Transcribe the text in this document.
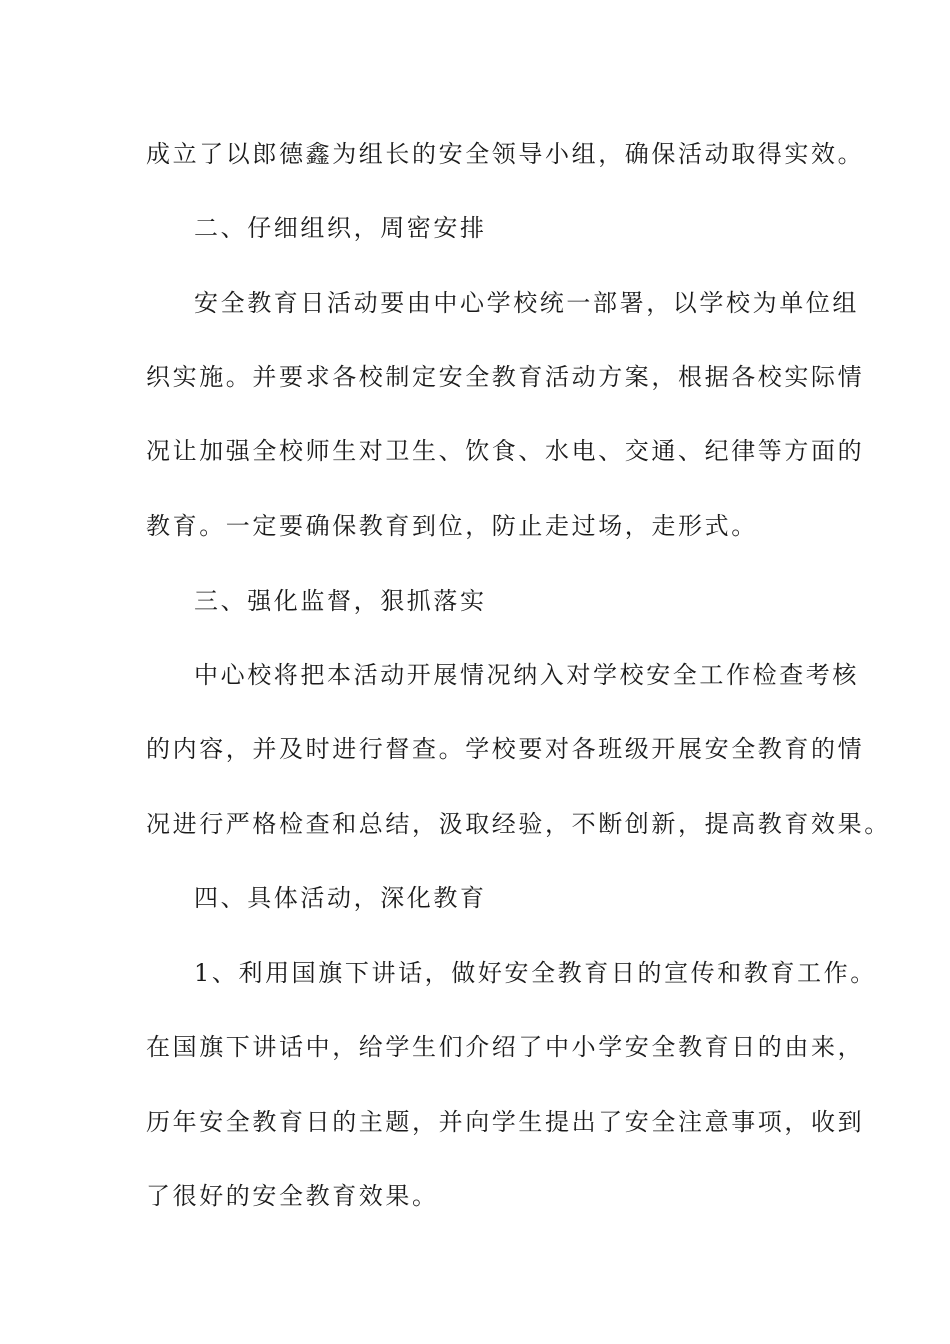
成立了以郎德鑫为组长的安全领导小组，确保活动取得实效。
二、仔细组织，周密安排
安全教育日活动要由中心学校统一部署，以学校为单位组
织实施。并要求各校制定安全教育活动方案，根据各校实际情
况让加强全校师生对卫生、饮食、水电、交通、纪律等方面的
教育。一定要确保教育到位，防止走过场，走形式。
三、强化监督，狠抓落实
中心校将把本活动开展情况纳入对学校安全工作检查考核
的内容，并及时进行督查。学校要对各班级开展安全教育的情
况进行严格检查和总结，汲取经验，不断创新，提高教育效果。
四、具体活动，深化教育
1、利用国旗下讲话，做好安全教育日的宣传和教育工作。
在国旗下讲话中，给学生们介绍了中小学安全教育日的由来，
历年安全教育日的主题，并向学生提出了安全注意事项，收到
了很好的安全教育效果。
